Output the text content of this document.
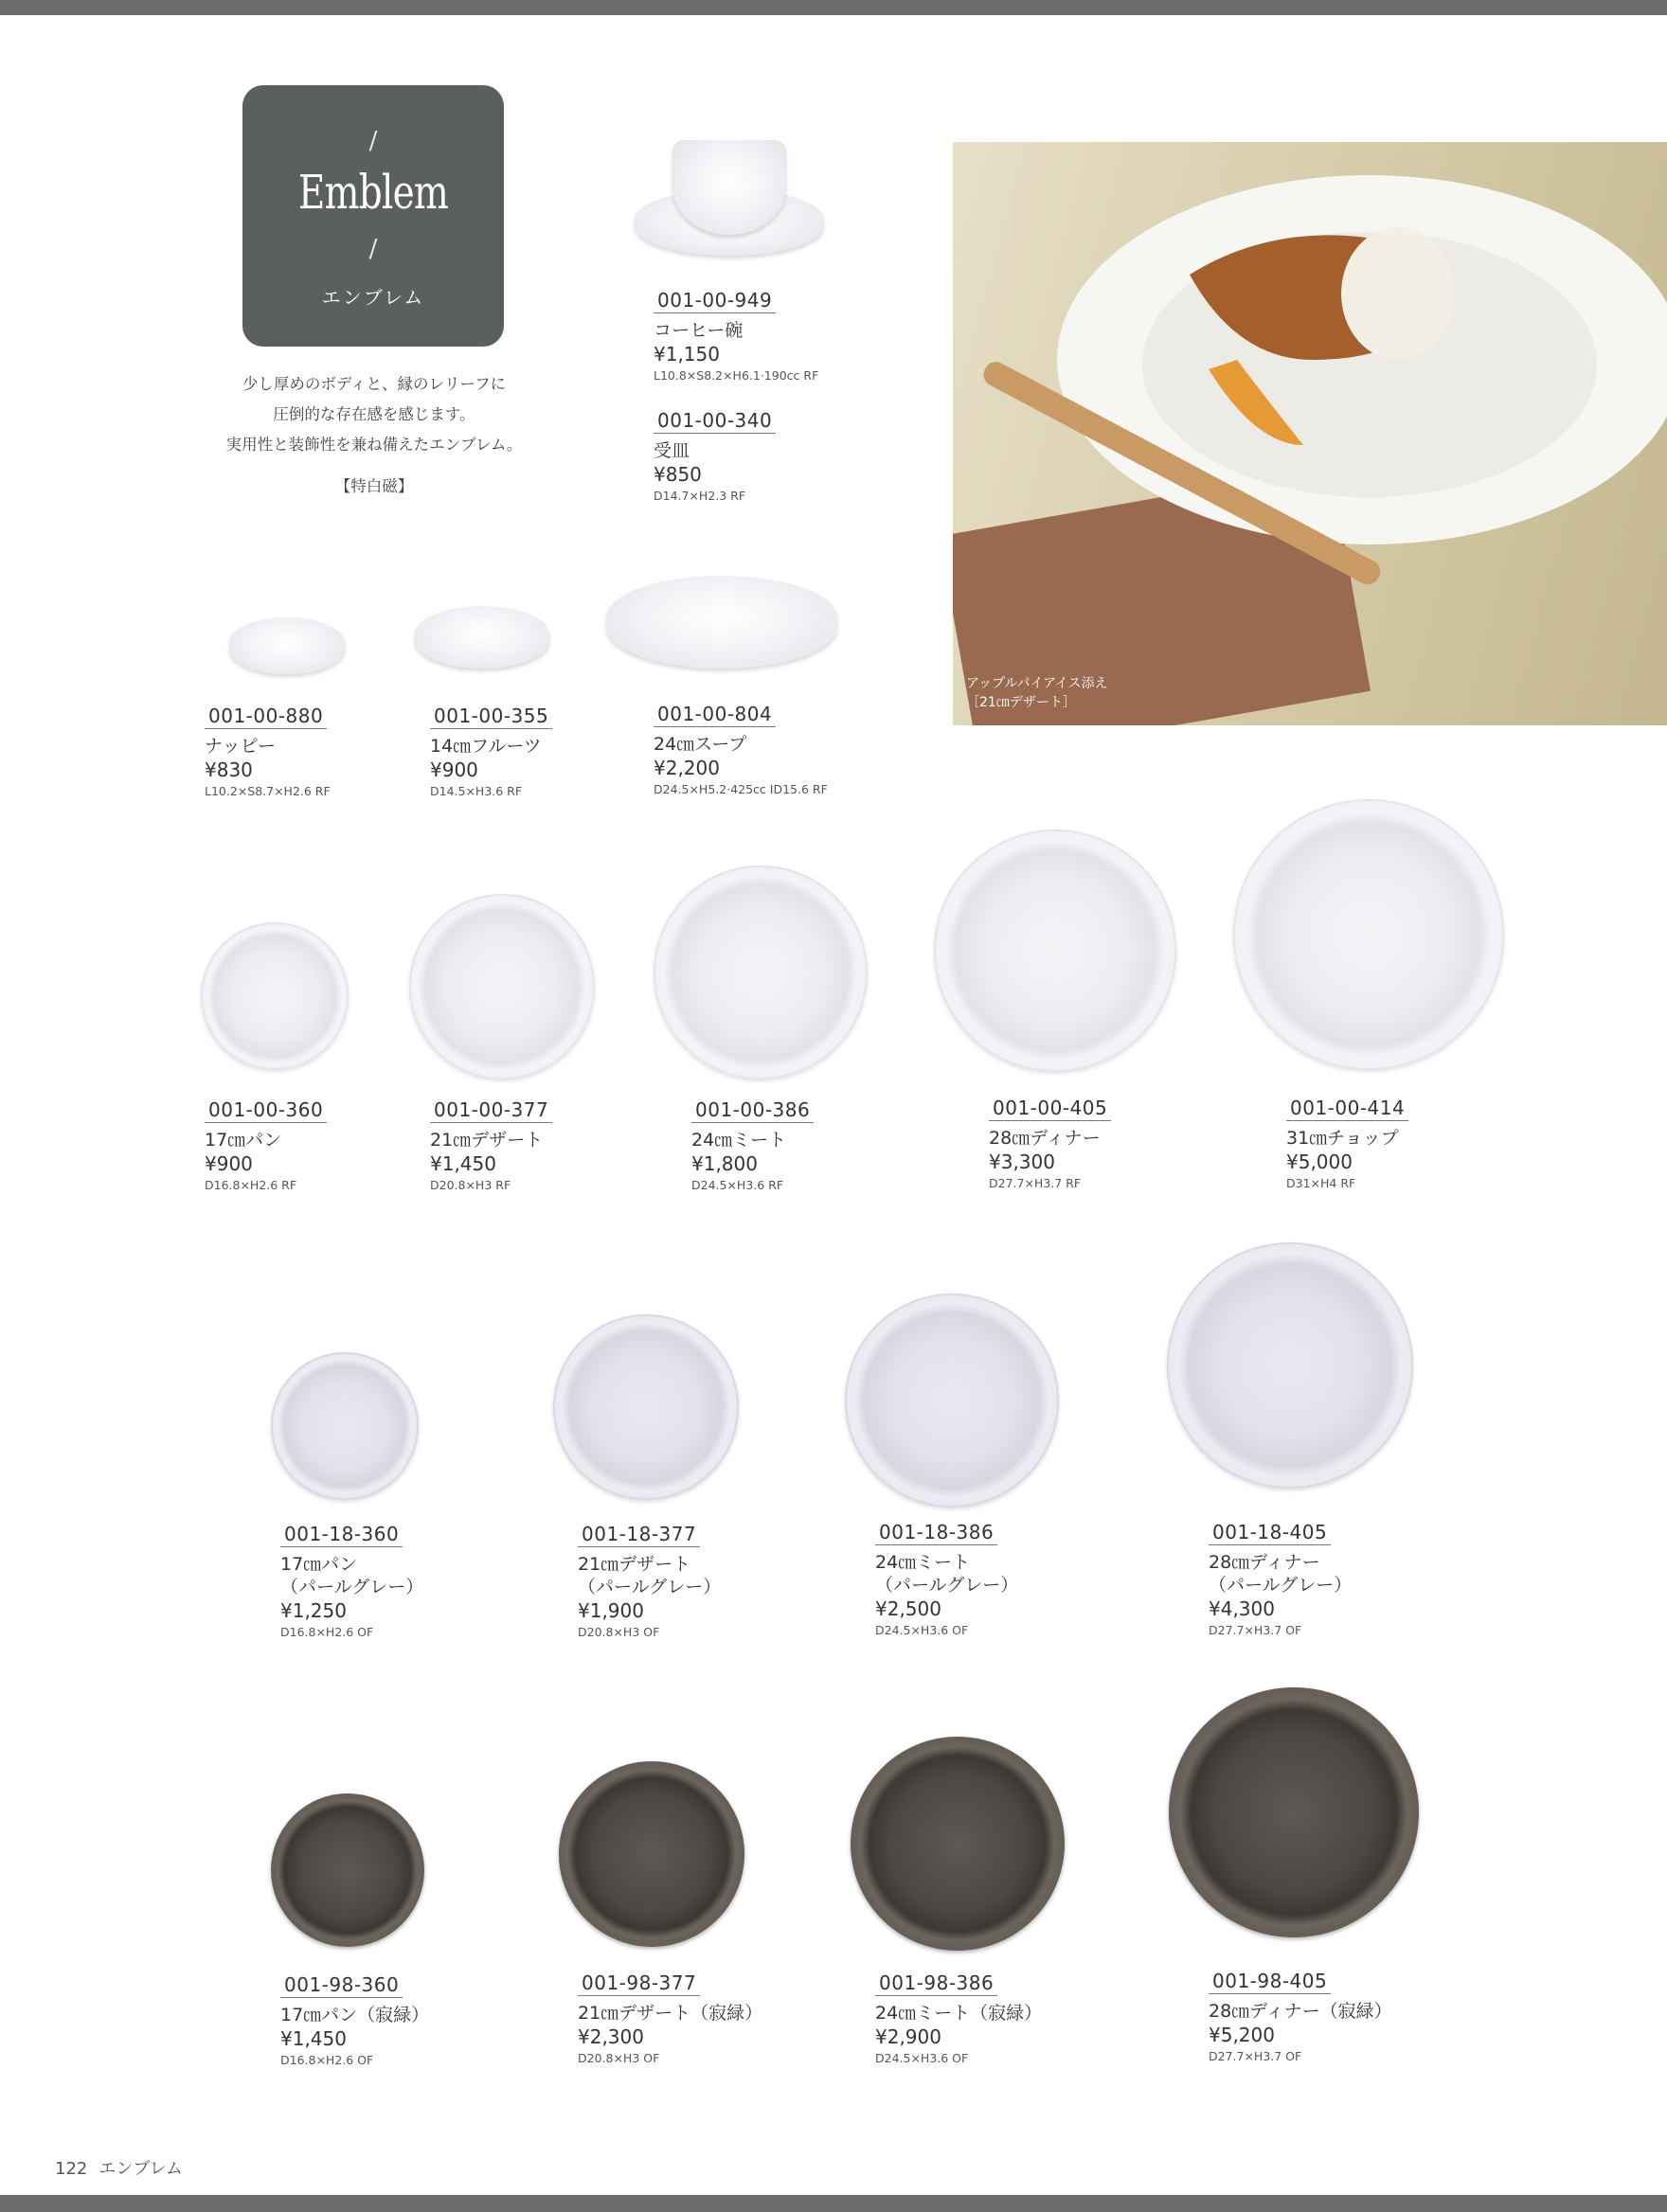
/
Emblem
/
エンブレム
少し厚めのボディと、縁のレリーフに
圧倒的な存在感を感じます。
実用性と装飾性を兼ね備えたエンブレム。
【特白磁】
アップルパイアイス添え
［21㎝デザート］
001-00-949
コーヒー碗
¥1,150
L10.8×S8.2×H6.1·190cc RF
001-00-340
受皿
¥850
D14.7×H2.3 RF
001-00-880
ナッピー
¥830
L10.2×S8.7×H2.6 RF
001-00-355
14㎝フルーツ
¥900
D14.5×H3.6 RF
001-00-804
24㎝スープ
¥2,200
D24.5×H5.2·425cc ID15.6 RF
001-00-360
17㎝パン
¥900
D16.8×H2.6 RF
001-00-377
21㎝デザート
¥1,450
D20.8×H3 RF
001-00-386
24㎝ミート
¥1,800
D24.5×H3.6 RF
001-00-405
28㎝ディナー
¥3,300
D27.7×H3.7 RF
001-00-414
31㎝チョップ
¥5,000
D31×H4 RF
001-18-360
17㎝パン
（パールグレー）
¥1,250
D16.8×H2.6 OF
001-18-377
21㎝デザート
（パールグレー）
¥1,900
D20.8×H3 OF
001-18-386
24㎝ミート
（パールグレー）
¥2,500
D24.5×H3.6 OF
001-18-405
28㎝ディナー
（パールグレー）
¥4,300
D27.7×H3.7 OF
001-98-360
17㎝パン（寂緑）
¥1,450
D16.8×H2.6 OF
001-98-377
21㎝デザート（寂緑）
¥2,300
D20.8×H3 OF
001-98-386
24㎝ミート（寂緑）
¥2,900
D24.5×H3.6 OF
001-98-405
28㎝ディナー（寂緑）
¥5,200
D27.7×H3.7 OF
122 エンブレム
